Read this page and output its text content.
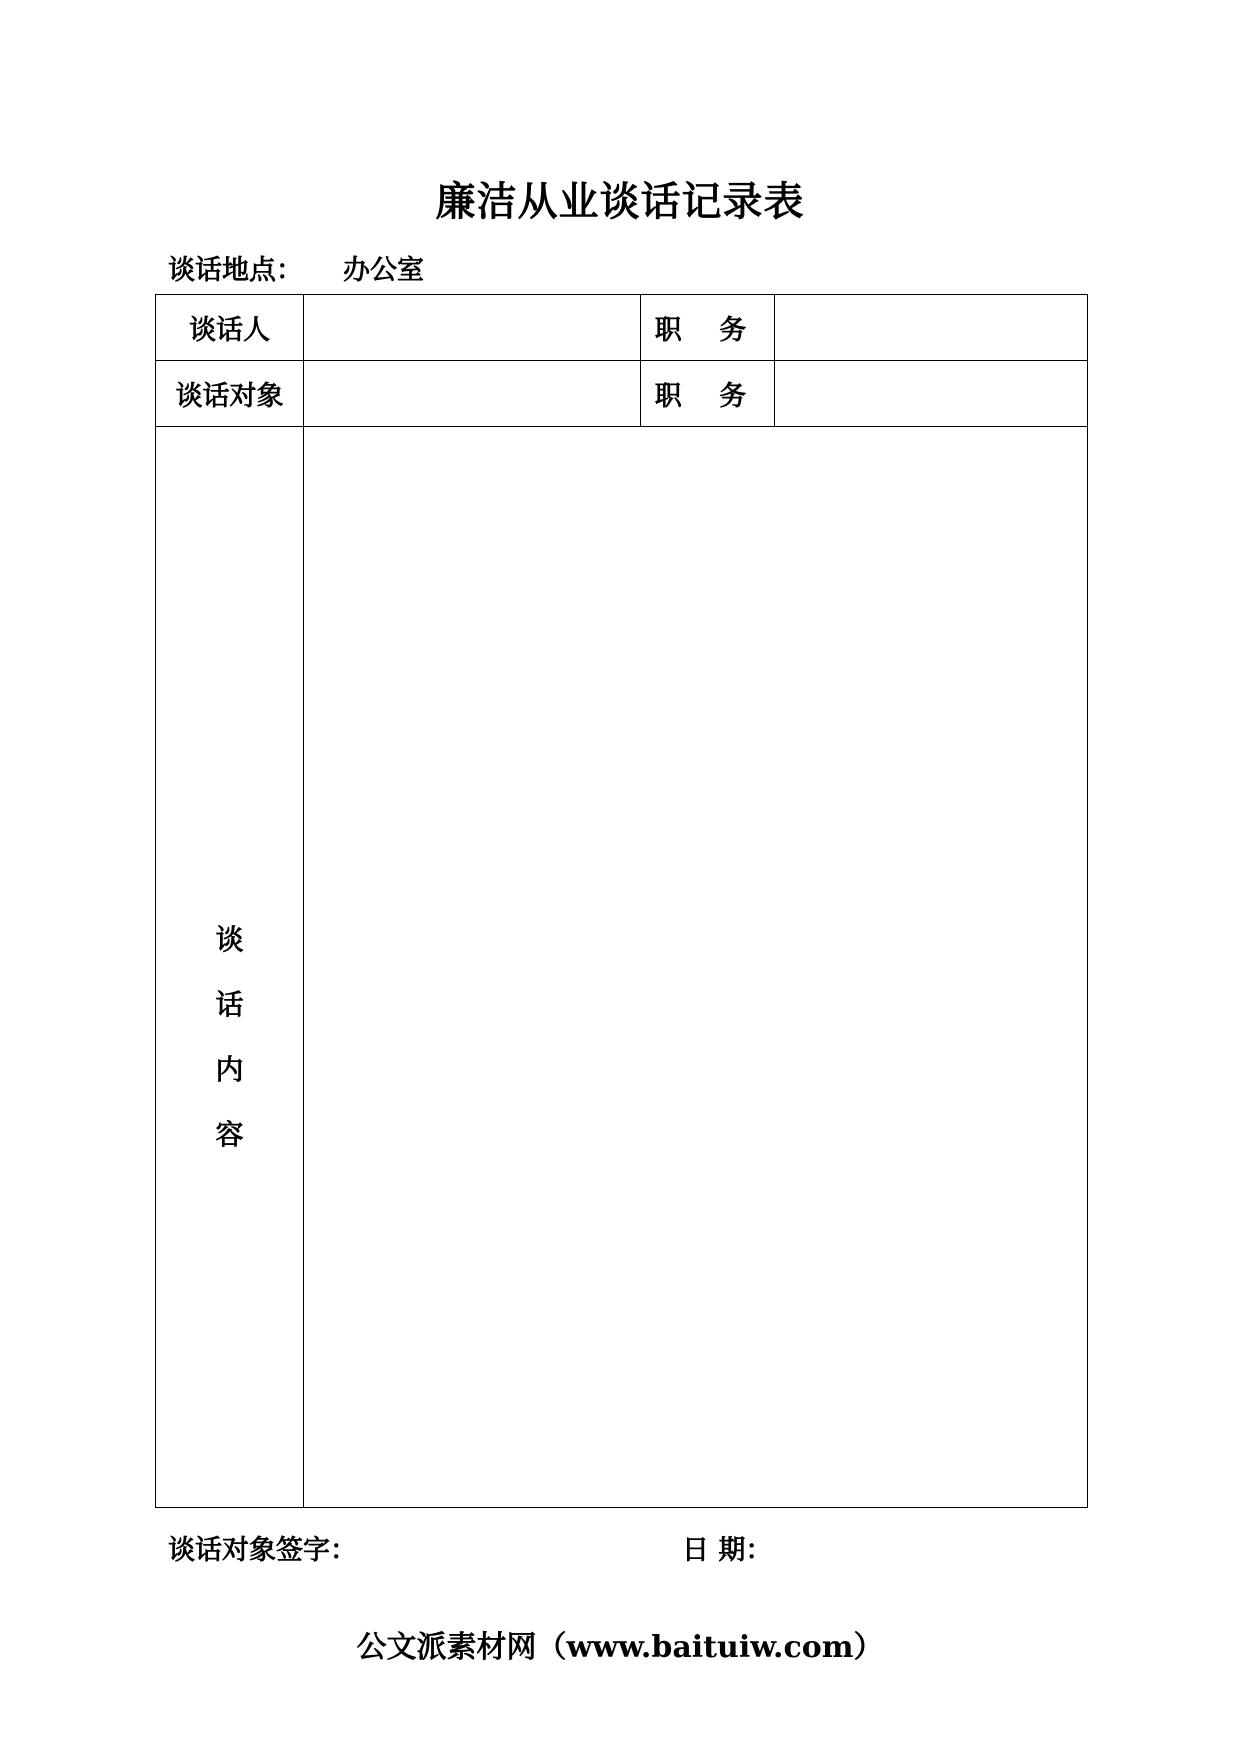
廉洁从业谈话记录表
谈话地点： 办公室
谈话人		职 务	
谈话对象		职 务	
谈
话
内
容			
谈话对象签字：	日 期：
公文派素材网（www.baituiw.com）
